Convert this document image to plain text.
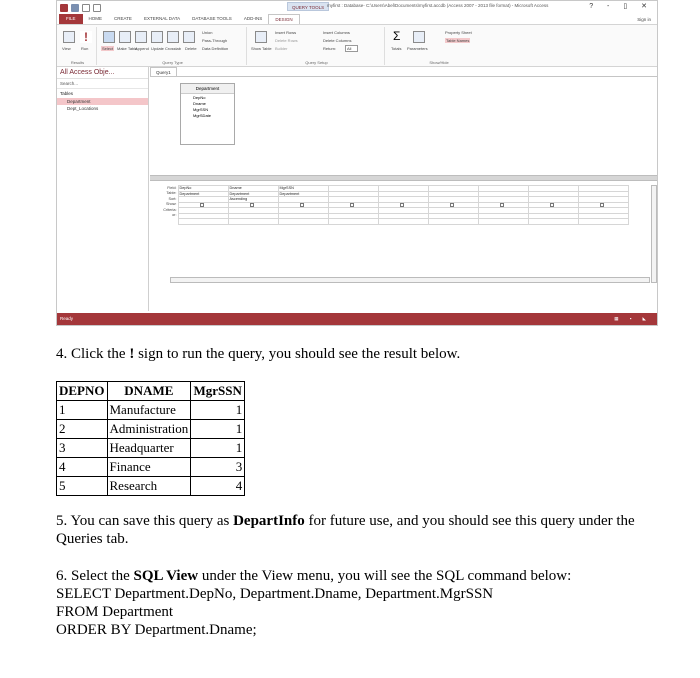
QUERY TOOLS myfirst : Database- C:\Users\Abel\Documents\myfirst.accdb (Access 2007 - 2013 file format) - Microsoft Access	? - ▯ ✕
FILE	HOME	CREATE	EXTERNAL DATA	DATABASE TOOLS	ADD-INS	DESIGN	Sign in
!
View	Run
Results
Select Make Table
Append Update Crosstab Delete
Union
Pass-Through
Data Definition
Query Type
Show Table
Insert Rows
Delete Rows
Builder
Insert Columns
Delete Columns
Return:	All
Query Setup
Σ
Totals Parameters
Property Sheet
Table Names
Show/Hide
All Access Obje...
Search...
Tables
Department
Dept_Locations
Query1
Department
DepNo
Dname
MgrSSN
MgrSDate
Field:	DepNo	Dname	MgrSSN						
Table:	Department	Department	Department						
Sort:		Ascending							
Show:									
Criteria:									
or:									

Ready	▦ ▪ ◣

4. Click the ! sign to run the query, you should see the result below.

DEPNO	DNAME	MgrSSN
1	Manufacture	1
2	Administration	1
3	Headquarter	1
4	Finance	3
5	Research	4

5. You can save this query as DepartInfo for future use, and you should see this query under the Queries tab.

6. Select the SQL View under the View menu, you will see the SQL command below:
SELECT Department.DepNo, Department.Dname, Department.MgrSSN
FROM Department
ORDER BY Department.Dname;
